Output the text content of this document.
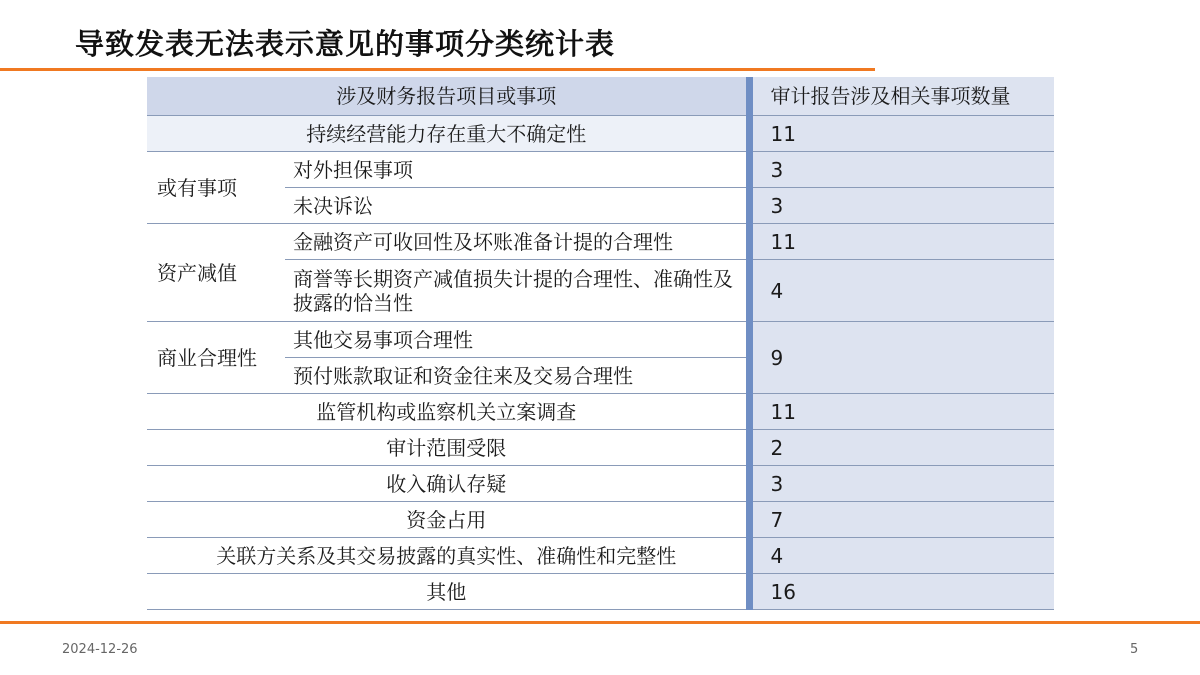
导致发表无法表示意见的事项分类统计表
涉及财务报告项目或事项		审计报告涉及相关事项数量
持续经营能力存在重大不确定性		11
或有事项	对外担保事项	3
	未决诉讼	3
资产减值	金融资产可收回性及坏账准备计提的合理性	11
	商誉等长期资产减值损失计提的合理性、准确性及披露的恰当性	4
商业合理性	其他交易事项合理性	9
	预付账款取证和资金往来及交易合理性	
监管机构或监察机关立案调查		11
审计范围受限		2
收入确认存疑		3
资金占用		7
关联方关系及其交易披露的真实性、准确性和完整性		4
其他		16
2024-12-26	5
